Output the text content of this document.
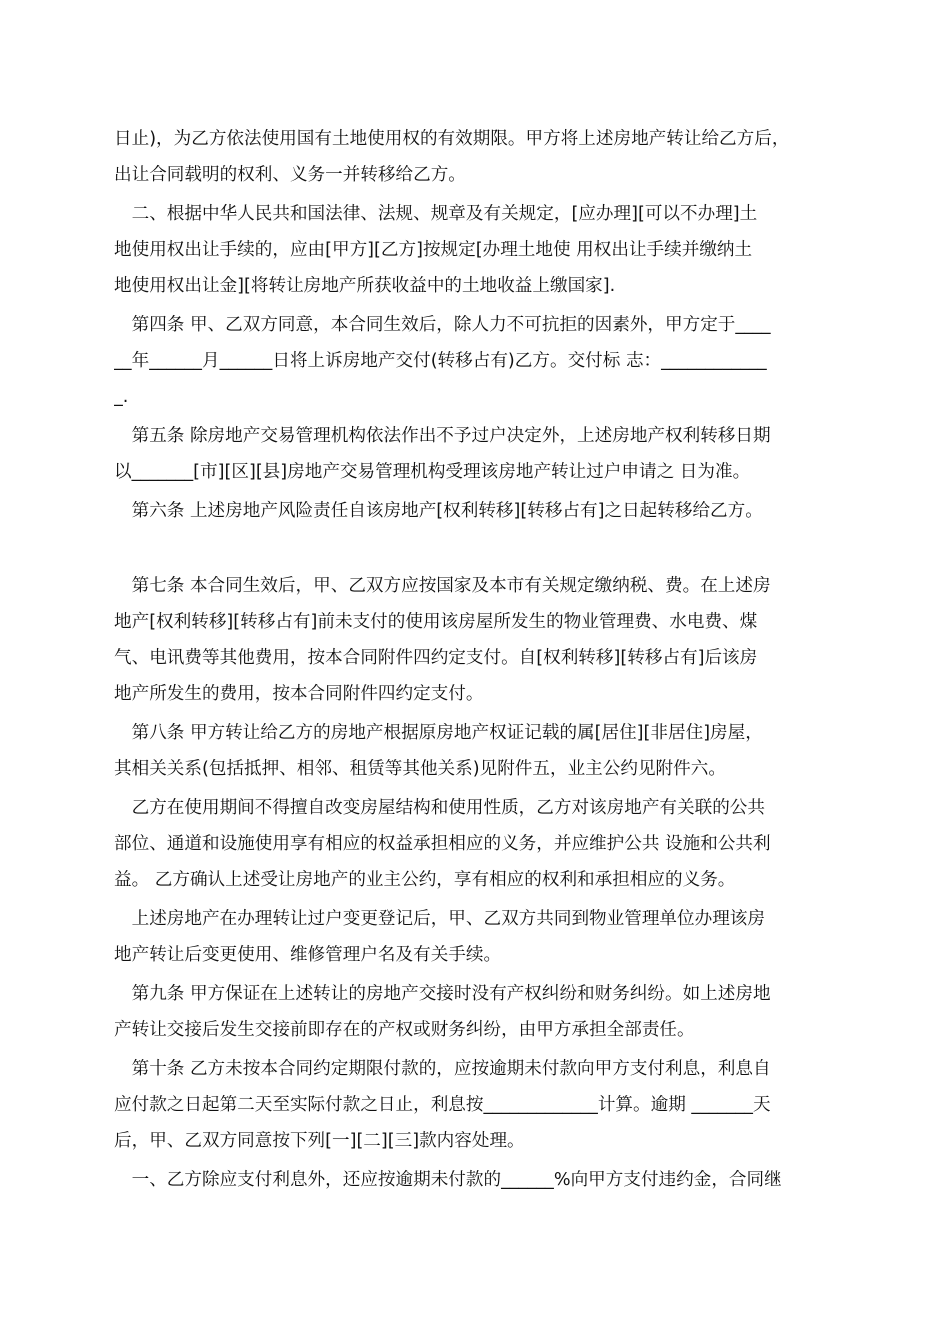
日止)，为乙方依法使用国有土地使用权的有效期限。甲方将上述房地产转让给乙方后，
出让合同载明的权利、义务一并转移给乙方。
　二、根据中华人民共和国法律、法规、规章及有关规定，[应办理][可以不办理]土
地使用权出让手续的，应由[甲方][乙方]按规定[办理土地使 用权出让手续并缴纳土
地使用权出让金][将转让房地产所获收益中的土地收益上缴国家].
　第四条 甲、乙双方同意，本合同生效后，除人力不可抗拒的因素外，甲方定于____
__年______月______日将上诉房地产交付(转移占有)乙方。交付标 志：____________
_.
　第五条 除房地产交易管理机构依法作出不予过户决定外，上述房地产权利转移日期
以_______[市][区][县]房地产交易管理机构受理该房地产转让过户申请之 日为准。
　第六条 上述房地产风险责任自该房地产[权利转移][转移占有]之日起转移给乙方。
　第七条 本合同生效后，甲、乙双方应按国家及本市有关规定缴纳税、费。在上述房
地产[权利转移][转移占有]前未支付的使用该房屋所发生的物业管理费、水电费、煤
气、电讯费等其他费用，按本合同附件四约定支付。自[权利转移][转移占有]后该房
地产所发生的费用，按本合同附件四约定支付。
　第八条 甲方转让给乙方的房地产根据原房地产权证记载的属[居住][非居住]房屋，
其相关关系(包括抵押、相邻、租赁等其他关系)见附件五，业主公约见附件六。
　乙方在使用期间不得擅自改变房屋结构和使用性质，乙方对该房地产有关联的公共
部位、通道和设施使用享有相应的权益承担相应的义务，并应维护公共 设施和公共利
益。 乙方确认上述受让房地产的业主公约，享有相应的权利和承担相应的义务。
　上述房地产在办理转让过户变更登记后，甲、乙双方共同到物业管理单位办理该房
地产转让后变更使用、维修管理户名及有关手续。
　第九条 甲方保证在上述转让的房地产交接时没有产权纠纷和财务纠纷。如上述房地
产转让交接后发生交接前即存在的产权或财务纠纷，由甲方承担全部责任。
　第十条 乙方未按本合同约定期限付款的，应按逾期未付款向甲方支付利息，利息自
应付款之日起第二天至实际付款之日止，利息按_____________计算。逾期 _______天
后，甲、乙双方同意按下列[一][二][三]款内容处理。
　一、乙方除应支付利息外，还应按逾期未付款的______%向甲方支付违约金，合同继
